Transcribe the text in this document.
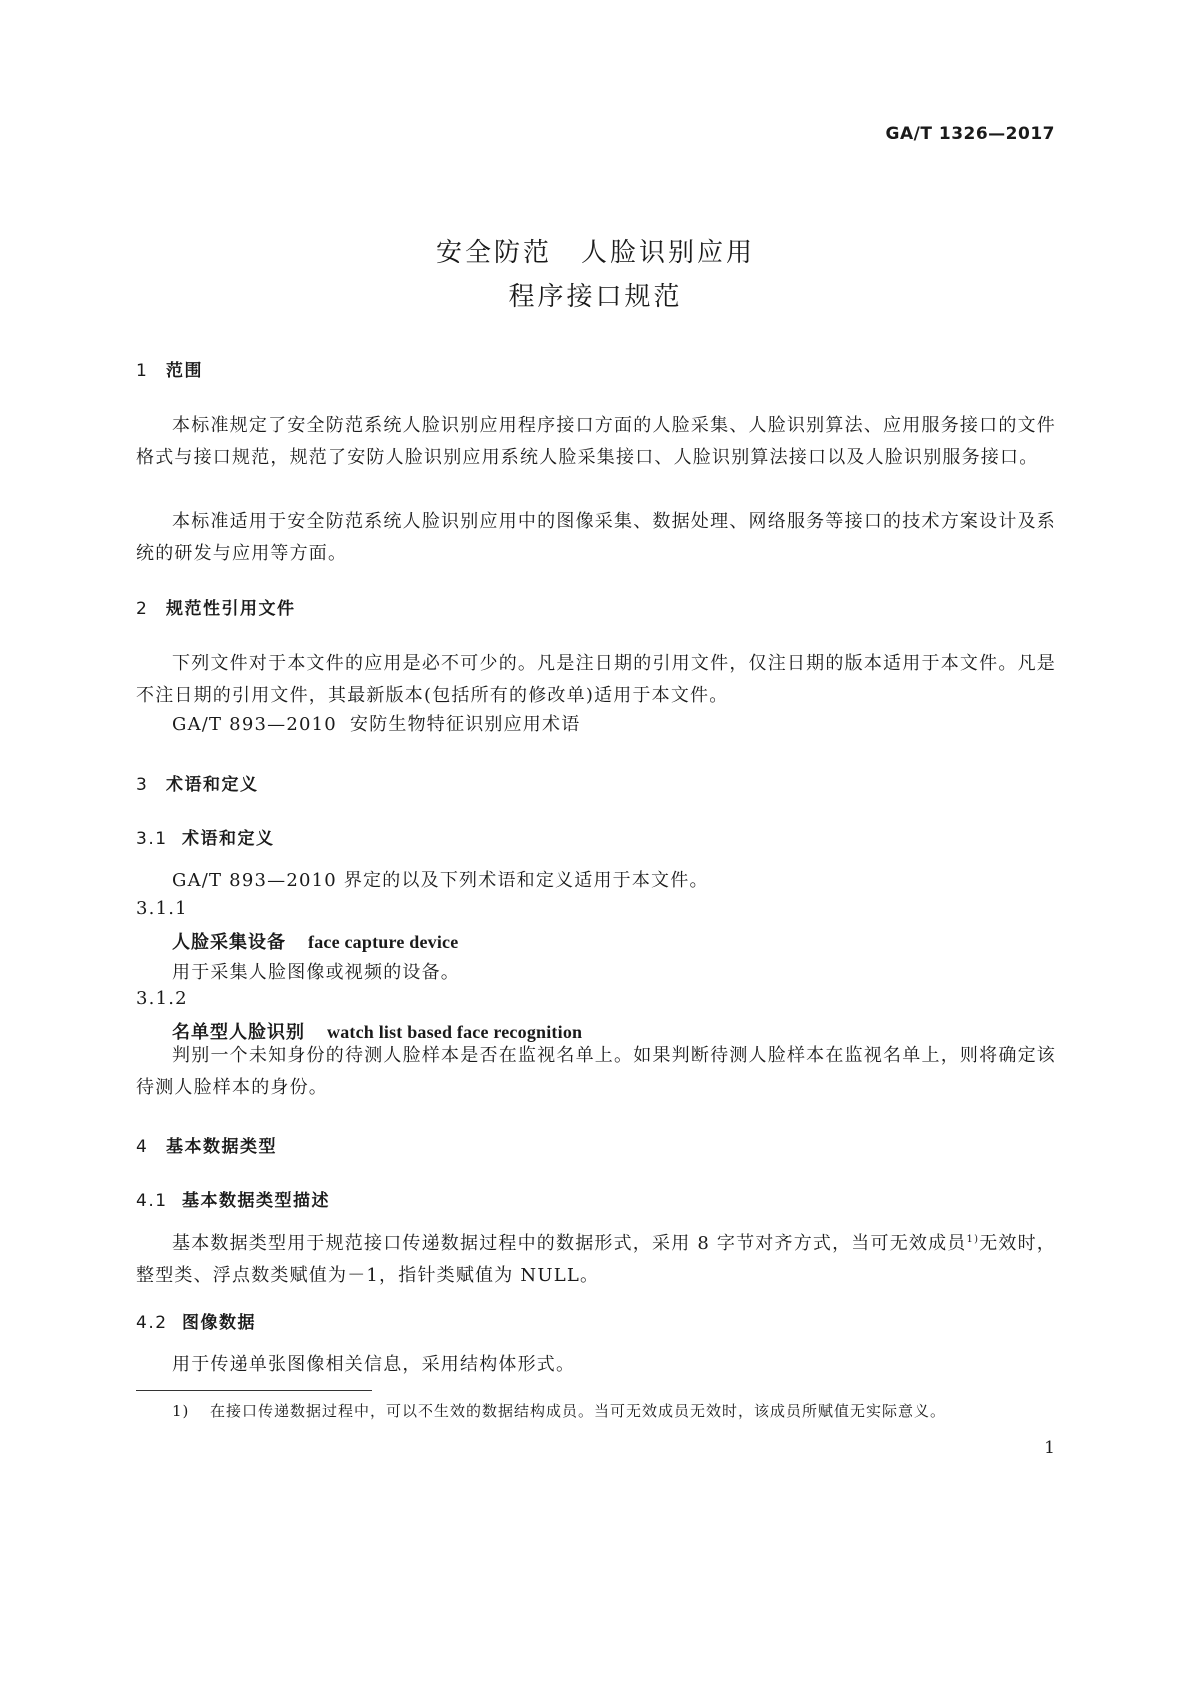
GA/T 1326—2017
安全防范　人脸识别应用
程序接口规范
1 范围
本标准规定了安全防范系统人脸识别应用程序接口方面的人脸采集、人脸识别算法、应用服务接口的文件格式与接口规范，规范了安防人脸识别应用系统人脸采集接口、人脸识别算法接口以及人脸识别服务接口。
本标准适用于安全防范系统人脸识别应用中的图像采集、数据处理、网络服务等接口的技术方案设计及系统的研发与应用等方面。
2 规范性引用文件
下列文件对于本文件的应用是必不可少的。凡是注日期的引用文件，仅注日期的版本适用于本文件。凡是不注日期的引用文件，其最新版本(包括所有的修改单)适用于本文件。
GA/T 893—2010 安防生物特征识别应用术语
3 术语和定义
3.1 术语和定义
GA/T 893—2010 界定的以及下列术语和定义适用于本文件。
3.1.1
人脸采集设备 face capture device
用于采集人脸图像或视频的设备。
3.1.2
名单型人脸识别 watch list based face recognition
判别一个未知身份的待测人脸样本是否在监视名单上。如果判断待测人脸样本在监视名单上，则将确定该待测人脸样本的身份。
4 基本数据类型
4.1 基本数据类型描述
基本数据类型用于规范接口传递数据过程中的数据形式，采用 8 字节对齐方式，当可无效成员$^{1)}$无效时，整型类、浮点数类赋值为－1，指针类赋值为 NULL。
4.2 图像数据
用于传递单张图像相关信息，采用结构体形式。
1) 在接口传递数据过程中，可以不生效的数据结构成员。当可无效成员无效时，该成员所赋值无实际意义。
1
